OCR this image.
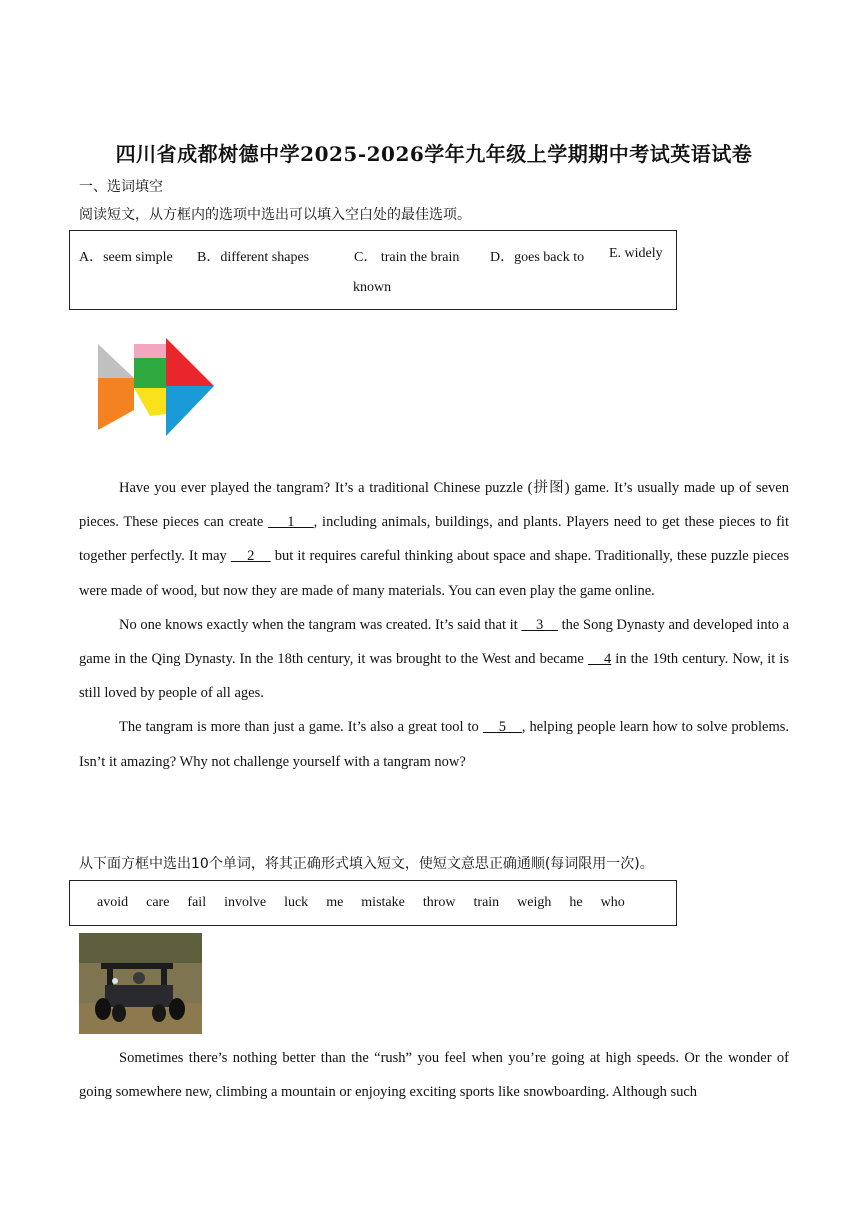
四川省成都树德中学2025-2026学年九年级上学期期中考试英语试卷
一、选词填空
阅读短文，从方框内的选项中选出可以填入空白处的最佳选项。
A．seem simple B．different shapes	C． train the brain D．goes back to E. widely
known

Have you ever played the tangram? It’s a traditional Chinese puzzle (拼图) game. It’s usually made up of seven pieces. These pieces can create     1    , including animals, buildings, and plants. Players need to get these pieces to fit together perfectly. It may     2     but it requires careful thinking about space and shape. Traditionally, these puzzle pieces were made of wood, but now they are made of many materials. You can even play the game online.

No one knows exactly when the tangram was created. It’s said that it     3     the Song Dynasty and developed into a game in the Qing Dynasty. In the 18th century, it was brought to the West and became     4 in the 19th century. Now, it is still loved by people of all ages.

The tangram is more than just a game. It’s also a great tool to     5    , helping people learn how to solve problems. Isn’t it amazing? Why not challenge yourself with a tangram now?

从下面方框中选出10个单词，将其正确形式填入短文，使短文意思正确通顺(每词限用一次)。
avoid care fail involve luck me mistake throw train weigh he who

Sometimes there’s nothing better than the “rush” you feel when you’re going at high speeds. Or the wonder of going somewhere new, climbing a mountain or enjoying exciting sports like snowboarding. Although such
